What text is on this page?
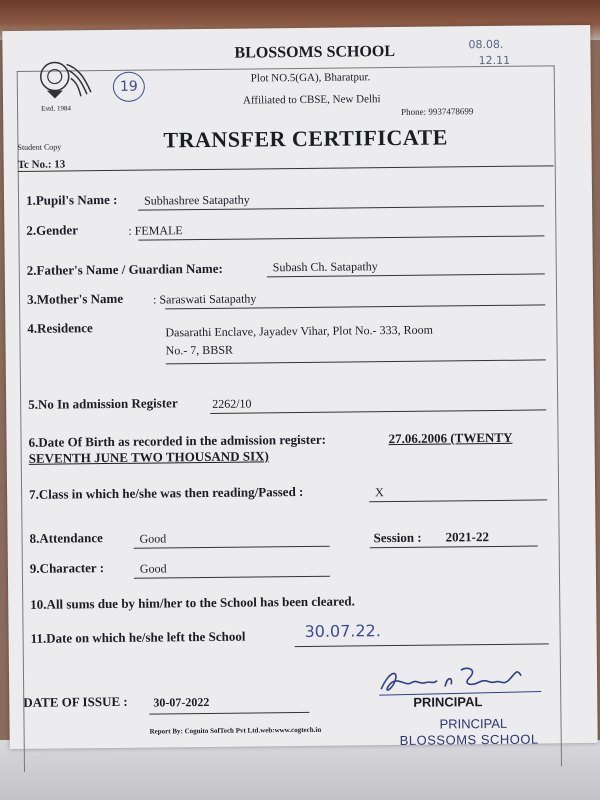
Estd. 1984
19
BLOSSOMS SCHOOL
Plot NO.5(GA), Bharatpur.
Affiliated to CBSE, New Delhi
Phone: 9937478699
08.08.
12.11
Student Copy
Tc No.: 13
TRANSFER CERTIFICATE
1.Pupil's Name : Subhashree Satapathy
2.Gender	: FEMALE
2.Father's Name / Guardian Name:	Subash Ch. Satapathy
3.Mother's Name : Saraswati Satapathy
4.Residence	Dasarathi Enclave, Jayadev Vihar, Plot No.- 333, Room
No.- 7, BBSR
5.No In admission Register	2262/10
6.Date Of Birth as recorded in the admission register:	27.06.2006 (TWENTY
SEVENTH JUNE TWO THOUSAND SIX)
7.Class in which he/she was then reading/Passed :	X
8.Attendance	Good	Session : 2021-22
9.Character :	Good
10.All sums due by him/her to the School has been cleared.
11.Date on which he/she left the School	30.07.22.
PRINCIPAL
DATE OF ISSUE : 30-07-2022
PRINCIPAL
BLOSSOMS SCHOOL
Report By: Cognito SofTech Pvt Ltd.web:www.cogtech.in
